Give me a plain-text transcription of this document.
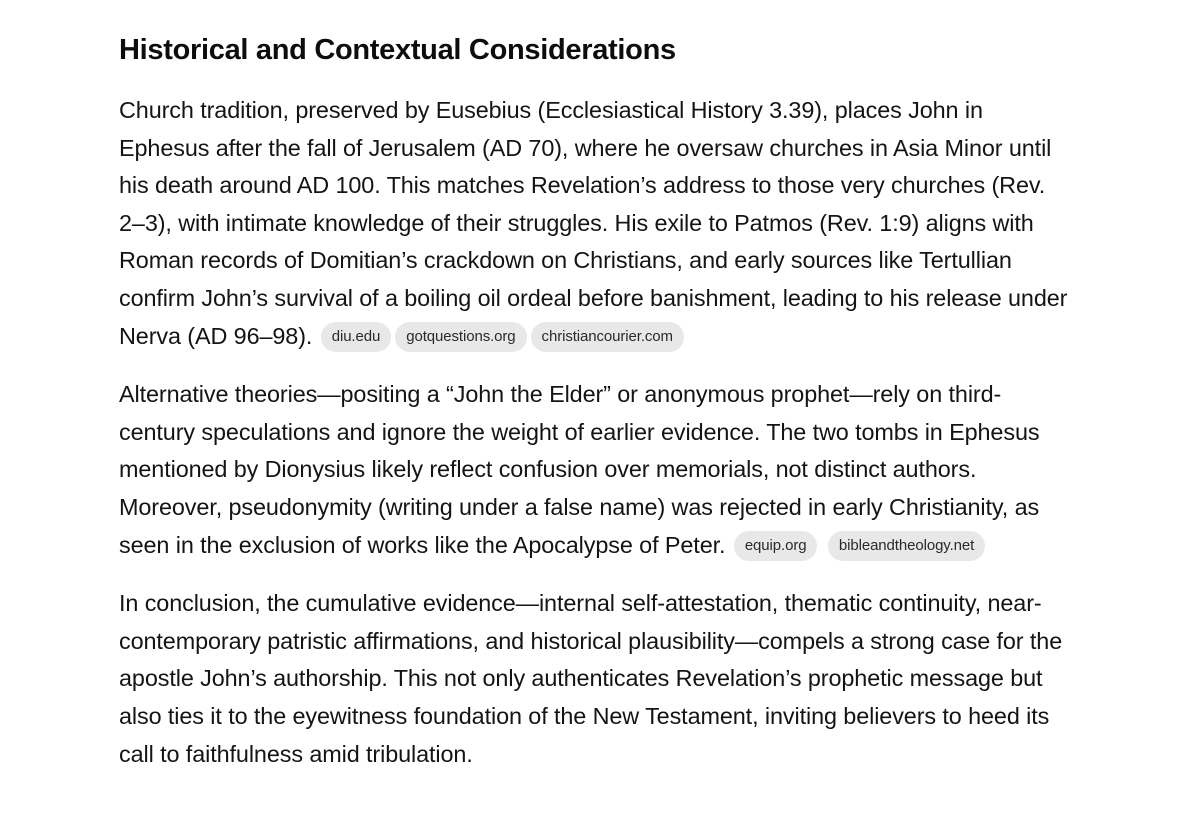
Historical and Contextual Considerations

Church tradition, preserved by Eusebius (Ecclesiastical History 3.39), places John in Ephesus after the fall of Jerusalem (AD 70), where he oversaw churches in Asia Minor until his death around AD 100. This matches Revelation’s address to those very churches (Rev. 2–3), with intimate knowledge of their struggles. His exile to Patmos (Rev. 1:9) aligns with Roman records of Domitian’s crackdown on Christians, and early sources like Tertullian confirm John’s survival of a boiling oil ordeal before banishment, leading to his release under Nerva (AD 96–98). diu.edu gotquestions.org christiancourier.com

Alternative theories—positing a “John the Elder” or anonymous prophet—rely on third-century speculations and ignore the weight of earlier evidence. The two tombs in Ephesus mentioned by Dionysius likely reflect confusion over memorials, not distinct authors. Moreover, pseudonymity (writing under a false name) was rejected in early Christianity, as seen in the exclusion of works like the Apocalypse of Peter. equip.org bibleandtheology.net

In conclusion, the cumulative evidence—internal self-attestation, thematic continuity, near-contemporary patristic affirmations, and historical plausibility—compels a strong case for the apostle John’s authorship. This not only authenticates Revelation’s prophetic message but also ties it to the eyewitness foundation of the New Testament, inviting believers to heed its call to faithfulness amid tribulation.
